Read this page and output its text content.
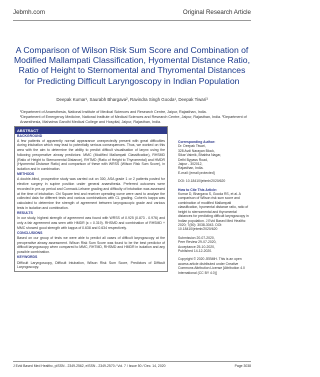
Jebmh.com	Original Research Article
A Comparison of Wilson Risk Sum Score and Combination of Modified Mallampati Classification, Hyomental Distance Ratio, Ratio of Height to Sternomental and Thyromental Distances for Predicting Difficult Laryngoscopy in Indian Population
Deepak Kumar¹, Saurabh Bhargava², Ravindra Singh Gooda¹, Deepak Tiwari³
¹Department of Anaesthesia, National Institute of Medical Sciences and Research Centre, Jaipur, Rajasthan, India.
²Department of Emergency Medicine, National Institute of Medical Sciences and Research Centre, Jaipur, Rajasthan, India. ³Department of Anaesthesia, Mahatma Gandhi Medical College and Hospital, Jaipur, Rajasthan, India.
ABSTRACT
BACKGROUND
A few patients of apparently normal appearance unexpectedly present with great difficulties during intubation which may lead to potentially serious consequences. Thus, we worked on this area with the aim to determine the ability to predict difficult visualisation of larynx using the following preoperative airway predictors: MMC (Modified Mallampati Classification), RHSMD (Ratio of Height to Sternomental Distance), RHTMD (Ratio of Height to Thyromental) and HMDR (Hyomental Distance Ratio) and comparison of these with WRSS (Wilson Risk Sum Score), in isolation and in combination.
METHODS
A double-blind, prospective study was carried out on 300, ASA grade 1 or 2 patients posted for elective surgery in supine position under general anaesthesia. Preferred outcomes were recorded in pre-op period and Cormack-Lehane grading and difficulty of intubation was assessed at the time of intubation. Chi Square test and receiver operating curve were used to analyse the collected data for different tests and various combinations with CL grading. Cohen's kappa was calculated to determine the strength of agreement between laryngoscopic grade and various tests in isolation and combination.
RESULTS
In our study, highest strength of agreement was found with WRSS of 0.925 (0.873 - 0.976) and only a fair agreement was seen with HMDR (κ = 0.319). RHSMD and combination of RHSMD + MMC showed good strength with kappa of 0.638 and 0.634 respectively.
CONCLUSIONS
Based on our group of tests we were able to predict all cases of difficult laryngoscopy at the preoperative airway assessment. Wilson Risk Sum Score was found to be the best predictor of difficult laryngoscopy when compared to MMC, RHTMD, RHSMD and HMDR in isolation and any possible combination.
KEYWORDS
Difficult Laryngoscopy, Difficult Intubation, Wilson Risk Sum Score, Predictors of Difficult Laryngoscopy.
Corresponding Author:
Dr. Deepak Tiwari,
328 Avdi Narayan Block,
Sikar Vaimik, Bhabha Nagar,
Delhi Bypass Road,
Jaipur - 302012,
Rajasthan, India.
E-mail: [email protected]
DOI: 10.18410/jebmh/2020/620
How to Cite This Article:
Kumar D, Bhargava S, Gooda RS, et al. A comparison of Wilson risk sum score and combination of modified Mallampati classification, hyomental distance ratio, ratio of height to sternomental and thyromental distances for predicting difficult laryngoscopy in Indian population. J Evid Based Med Healthc 2020; 7(50): 3038-3043. DOI: 10.18410/jebmh/2020/620
Submission 20-07-2020,
Peer Review 29-07-2020,
Acceptance 25-10-2020,
Published 14-12-2020.
Copyright © 2020 JEBMH. This is an open access article distributed under Creative Commons Attribution License [Attribution 4.0 International (CC BY 4.0)]
J Evid Based Med Healthc, pISSN - 2349-2562, eISSN - 2349-2570 / Vol. 7 / Issue 50 / Dec. 14, 2020	Page 3038
